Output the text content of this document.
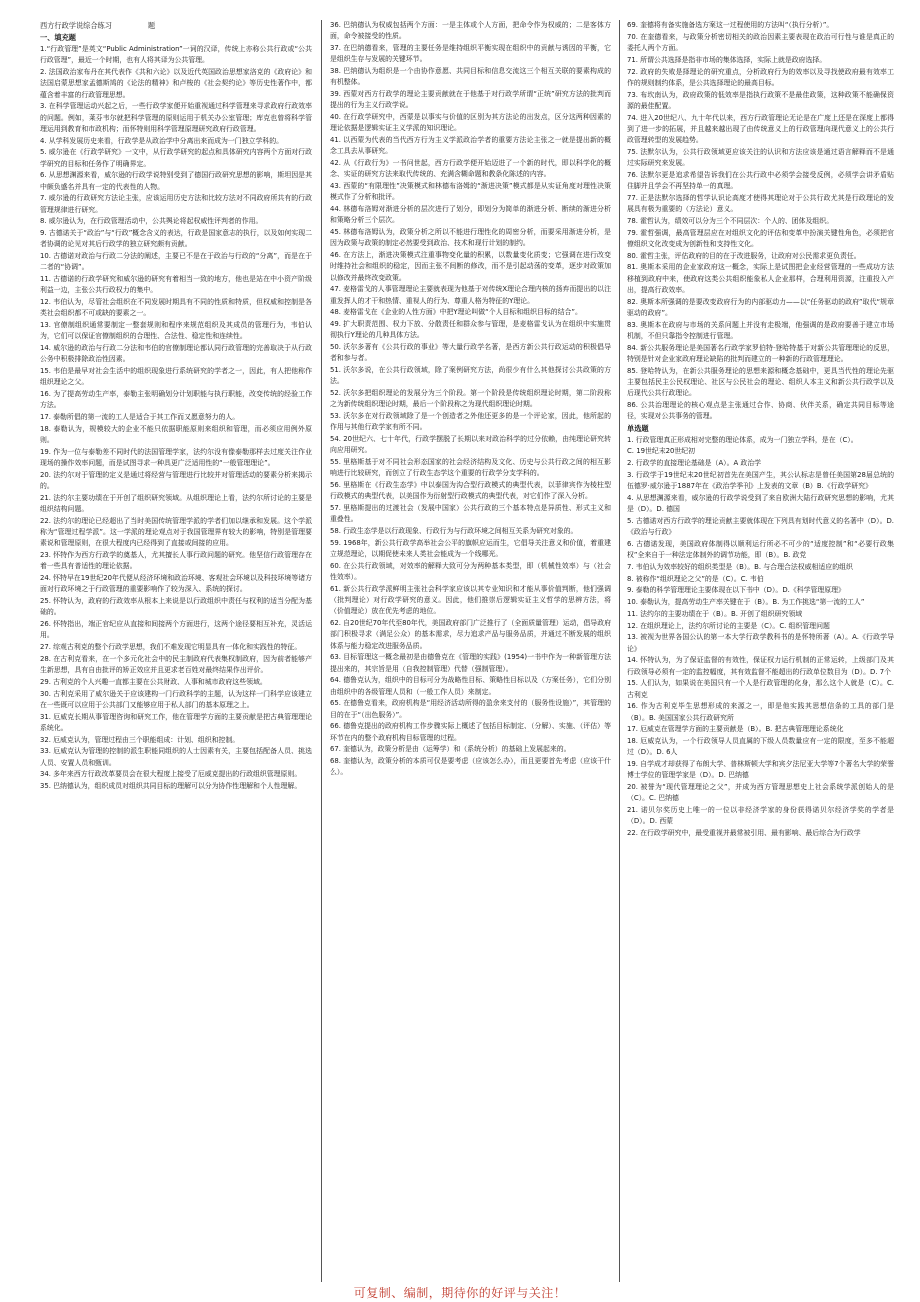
西方行政学说综合练习　　　　　题
一、填充题
1.“行政管理”是英文“Public Administration”一词的汉译，传统上亦称公共行政或“公共行政管理”，最近一个时期，也有人将其译为公共管理。
2. 法国政治家布丹在其代表作《共和六论》以及近代英国政治思想家洛克的《政府论》和法国启蒙思想家孟德斯鸠的《论法的精神》和卢梭的《社会契约论》等历史性著作中，都蕴含着丰富的行政管理思想。
3. 在科学管理运动兴起之后，一些行政学家便开始重视通过科学管理来寻求政府行政效率的问题。例如，莱芬韦尔就把科学管理的原则运用于机关办公室管理；库克也曾将科学管理运用到教育和市政机构；而怀特则用科学管理原理研究政府行政管理。
4. 从学科发展历史来看，行政学是从政治学中分离出来而成为一门独立学科的。
5. 威尔逊在《行政学研究》一文中，从行政学研究的起点和具体研究内容两个方面对行政学研究的目标和任务作了明确界定。
6. 从思想渊源来看，威尔逊的行政学说特别受到了德国行政研究思想的影响，斯坦因是其中颇负盛名并具有一定的代表性的人物。
7. 威尔逊的行政研究方法论主张，应该运用历史方法和比较方法对不同政府所共有的行政管理规律进行研究。
8. 威尔逊认为，在行政管理活动中，公共舆论将起权威性评判者的作用。
9. 古德诺关于“政治”与“行政”概念含义的表达，行政是国家意志的执行，以及如何实现二者协调的论见对其后行政学的独立研究颇有贡献。
10. 古德诺对政治与行政二分法的阐述，主要已不是在于政治与行政的“分离”，而是在于二者的“协调”。
11. 古德诺的行政学研究和威尔逊的研究有着相当一致的地方，他也是站在中小资产阶级利益一边，主张公共行政权力的集中。
12. 韦伯认为，尽管社会组织在不同发展时期具有不同的性质和特质，但权威和控制是各类社会组织都不可或缺的要素之一。
13. 官僚制组织通常要制定一整套规则和程序来规范组织及其成员的管理行为，韦伯认为，它们可以保证官僚制组织的合理性、合法性、稳定性和连续性。
14. 威尔逊的政治与行政二分法和韦伯的官僚制理论都认同行政管理的完善取决于从行政公务中积极排除政治性因素。
15. 韦伯是最早对社会生活中的组织现象进行系统研究的学者之一，因此，有人把他称作组织理论之父。
16. 为了提高劳动生产率，泰勒主张明确划分计划职能与执行职能，改变传统的经验工作方法。
17. 泰勒所倡的第一流的工人是适合于其工作而又愿意努力的人。
18. 泰勒认为，规模较大的企业不能只依据职能原则来组织和管理，而必须应用例外原则。
19. 作为一位与泰勒差不同时代的法国管理学家，法约尔没有像泰勒那样去过度关注作业现场的操作效率问题，而是试图寻求一种具更广泛适用性的“一般管理理论”。
20. 法约尔对于管理的定义是通过将经营与管理进行比较并对管理活动的要素分析来揭示的。
21. 法约尔主要功绩在于开创了组织研究领域。从组织理论上看，法约尔所讨论的主要是组织结构问题。
22. 法约尔的理论已经超出了当时美国传统管理学派的学者们加以继承和发展。这个学派称为“管理过程学派”。这一学派的理论观点对于我国管理界有较大的影响，特别是管理要素说和管理原则，在很大程度内已经得到了直接或间接的应用。
23. 怀特作为西方行政学的奠基人，尤其擅长人事行政问题的研究。他坚信行政管理存在着一些具有普适性的理论依据。
24. 怀特早在19世纪20年代便从经济环境和政治环境、客观社会环境以及科技环境等诸方面对行政环境之于行政管理的重要影响作了较为深入、系统的探讨。
25. 怀特认为，政府的行政效率从根本上来说是以行政组织中责任与权利的适当分配为基础的。
26. 怀特指出，端正官纪应从直接和间接两个方面进行，这两个途径要相互补充，灵活运用。
27. 综观古利克的整个行政学思想，我们不难发现它明显具有一体化和实践性的特征。
28. 在古利克看来，在一个多元化社会中的民主制政府代表集权制政府，因为前者能够产生新思想，具有自由批评的矫正效应并且更求老百姓对最终结果作出评价。
29. 古利克的个人兴趣一直都主要在公共财政、人事和城市政府这些领域。
30. 古利克采用了威尔逊关于应该建构一门行政科学的主题，认为这样一门科学应该建立在一些既可以应用于公共部门又能够应用于私人部门的基本原理之上。
31. 厄威克长期从事管理咨询和研究工作，他在管理学方面的主要贡献是把古典管理理论系统化。
32. 厄威克认为，管理过程由三个职能组成：计划、组织和控制。
33. 厄威克认为管理的控制的派生职能同组织的人士因素有关，主要包括配备人员、挑选人员、安置人员和甄训。
34. 多年来西方行政改革要员会在很大程度上接受了厄威克提出的行政组织管理原则。
35. 巴纳德认为，组织成员对组织共同目标的理解可以分为协作性理解和个人性理解。
36. 巴纳德认为权威包括两个方面：一是主体或个人方面，把命令作为权威的；二是客体方面，命令被接受的性质。
37. 在巴纳德看来，管理的主要任务是维持组织平衡实现在组织中的贡献与诱因的平衡，它是组织生存与发展的关键环节。
38. 巴纳德认为组织是一个由协作意愿、共同目标和信息交流这三个相互关联的要素构成的有机整体。
39. 西蒙对西方行政学的理论主要贡献就在于他基于对行政学所谓“正统”研究方法的批判而提出的行为主义行政学说。
40. 在行政学研究中，西蒙是以事实与价值的区别为其方法论的出发点，区分这两种因素的理论依据是逻辑实证主义学派的知识理论。
41. 以西蒙为代表的当代西方行为主义学派政治学者的重要方法论主张之一就是提出新的概念工具去从事研究。
42. 从《行政行为》一书问世起，西方行政学便开始迈进了一个新的时代，即以科学化的概念、实证的研究方法来取代传统的、充满含糊命题和教条化陈述的内容。
43. 西蒙的“有限理性”决策模式和林德布洛姆的“渐进决策”模式都是从实证角度对理性决策模式作了分析和批评。
44. 林德布洛姆对渐进分析的层次进行了划分，即划分为简单的渐进分析、断续的渐进分析和策略分析三个层次。
45. 林德布洛姆认为，政策分析之所以不能进行理性化的周密分析，而要采用渐进分析，是因为政策与政策的制定必然要受到政治、技术和现行计划的制约。
46. 在方法上，渐进决策模式注重事物变化量的积累，以数量变化质变；它强调在进行改变时维持社会和组织的稳定，因而主张不间断的修改，而不是引起动荡的变革，逐步对政策加以修改并最终改变政策。
47. 麦格雷戈的人事管理理论主要就表现为他基于对传统X理论合理内核的扬弃而提出的以注重发挥人的才干和热情、重视人的行为、尊重人格为特征的Y理论。
48. 麦格雷戈在《企业的人性方面》中把Y理论叫做“个人目标和组织目标的结合”。
49. 扩大职责范围、权力下放、分散责任和群众参与管理，是麦格雷戈认为在组织中实施贯彻执行Y理论的几种具体方法。
50. 沃尔多著有《公共行政的事业》等大量行政学名著，是西方新公共行政运动的积极倡导者和参与者。
51. 沃尔多说，在公共行政领域，除了案例研究方法，尚很少有什么其他探讨公共政策的方法。
52. 沃尔多把组织理论的发展分为三个阶段。第一个阶段是传统组织理论时期，第二阶段称之为新传统组织理论时期，最后一个阶段称之为现代组织理论时期。
53. 沃尔多在对行政领域除了是一个创造者之外他还更多的是一个评论家，因此，他所起的作用与其他行政学家有所不同。
54. 20世纪六、七十年代，行政学摆脱了长期以来对政治科学的过分依赖，由纯理论研究转向应用研究。
55. 里格斯基于对不同社会形态国家的社会经济结构及文化、历史与公共行政之间的相互影响进行比较研究，而创立了行政生态学这个重要的行政学分支学科的。
56. 里格斯在《行政生态学》中以泰国为沟合型行政模式的典型代表，以菲律宾作为棱柱型行政模式的典型代表，以美国作为衍射型行政模式的典型代表，对它们作了深入分析。
57. 里格斯提出的过渡社会（发展中国家）公共行政的三个基本特点是异质性、形式主义和重叠性。
58. 行政生态学是以行政现象、行政行为与行政环境之间相互关系为研究对象的。
59. 1968年，新公共行政学高举社会公平的旗帜应运而生，它倡导关注意义和价值，着重建立规范理论，以期促使未来人类社会能成为一个线哪光。
60. 在公共行政领域，对效率的解释大致可分为两种基本类型，即（机械性效率）与（社会性效率）。
61. 新公共行政学派鲜明主张社会科学家应该以其专业知识和才能从事价值判断，他们强调（批判理论）对行政学研究的意义。因此，他们推崇后逻辑实证主义哲学的思辨方法，将（价值理论）放在优先考虑的地位。
62. 自20世纪70年代至80年代，美国政府部门广泛推行了（全面质量管理）运动，倡导政府部门积极寻求（满足公众）的基本需求，尽力追求产品与服务品质，并通过不断发展的组织体系与能力稳定改进服务品质。
63. 目标管理这一概念最初是由德鲁克在《管理的实践》(1954)一书中作为一种新管理方法提出来的，其宗旨是用（自我控制管理）代替（强制管理）。
64. 德鲁克认为，组织中的目标可分为战略性目标、策略性目标以及（方案任务），它们分别由组织中的各级管理人员和（一般工作人员）来制定。
65. 在德鲁克看来，政府机构是“用经济活动所得的盈余来支付的（服务性设施）”，其管理的目的在于“（出色服务）”。
66. 德鲁克提出的政府机构工作步骤实际上概述了包括目标制定、（分解）、实施、（评估）等环节在内的整个政府机构目标管理的过程。
67. 奎德认为，政策分析是由（运筹学）和（系统分析）的基础上发展起来的。
68. 奎德认为，政策分析的本质可仅是要考虑（应该怎么办），而且更要首先考虑（应该干什么）。
69. 奎德将有备实施备选方案这一过程使用的方法叫“（执行分析）”。
70. 在奎德看来，与政策分析密切相关的政治因素主要表现在政治可行性与谁是真正的委托人两个方面。
71. 所谓公共选择是指非市场的集体选择，实际上就是政府选择。
72. 政府的失败是择理论的研究重点，分析政府行为的效率以及寻找使政府最有效率工作的规则制约体系，是公共选择理论的最高目标。
73. 布坎南认为，政府政策的低效率是指执行政策不是最佳政策，这种政策不能确保资源的最佳配置。
74. 进入20世纪八、九十年代以来，西方行政管理论无论是在广度上还是在深度上都得到了进一步的拓展，并且越来越出现了由传统意义上的行政管理向现代意义上的公共行政管理转型的发展趋势。
75. 法默尔认为，公共行政领域更应该关注的认识和方法应该是通过语言解释而不是通过实际研究来发展。
76. 法默尔更是追求希望告诉我们在公共行政中必须学会接受反例，必须学会讲矛盾贴住脚并且学会不再坚持单一的真理。
77. 正是法默尔选择的哲学认识论高度才使得其理论对于公共行政尤其是行政理论的发展具有极为重要的（方法论）意义。
78. 霍哲认为，绩效可以分为三个不同层次：个人的、团体及组织。
79. 霍哲强调，最高管理层应在对组织文化的评估和变革中扮演关键性角色，必须把官僚组织文化改变成为创新性和支持性文化。
80. 霍哲主张，评估政府的目的在于改进服务，让政府对公民需求更负责任。
81. 奥斯本采用的企业家政府这一概念，实际上是试图把企业经营管理的一些成功方法移植到政府中来，使政府这类公共组织能象私人企业那样，合理利用资源，注重投入产出，提高行政效率。
82. 奥斯本所强调的是要改变政府行为的内部驱动力——以“任务驱动的政府”取代“规章驱动的政府”。
83. 奥斯本在政府与市场的关系问题上并没有走极端，他强调的是政府要善于建立市场机制，不但只靠指令控制进行管理。
84. 新公共服务理论是美国著名行政学家罗伯特·登哈特基于对新公共管理理论的反思，特别是针对企业家政府理论缺陷的批判而建立的一种新的行政管理理论。
85. 登哈特认为，在新公共服务理论的思想来源和概念基础中，更具当代性的理论先驱主要包括民主公民权理论、社区与公民社会的理论、组织人本主义和新公共行政学以及后现代公共行政理论。
86. 公共治理理论的核心观点是主张通过合作、协商、伙伴关系，确定共同目标等途径，实现对公共事务的管理。
单选题
1. 行政管理真正形成相对完整的理论体系，成为一门独立学科，是在（C）。
C. 19世纪末20世纪初
2. 行政学的直接理论基础是（A）。A 政治学
3. 行政学于19世纪末20世纪初首先在美国产生，其公认标志是曾任美国第28届总统的伍德罗·威尔逊于1887年在《政治学季刊》上发表的文章（B）B.《行政学研究》
4. 从思想渊源来看，威尔逊的行政学说受到了来自欧洲大陆行政研究思想的影响，尤其是（D）。D. 德国
5. 古德诺对西方行政学的理论贡献主要就体现在下列具有划时代意义的名著中（D）。D.《政治与行政》
6. 古德诺发现，美国政府体制得以顺利运行所必不可少的“适度控制”和“必要行政集权”全来自于一种法定体制外的调节功能，即（B）。B. 政党
7. 韦伯认为效率较好的组织类型是（B）。B. 与合理合法权威相适应的组织
8. 被称作“组织理论之父”的是（C）。C. 韦伯
9. 泰勒的科学管理理论主要体现在以下书中（D）。D.《科学管理原理》
10. 泰勒认为，提高劳动生产率关键在于（B）。B. 为工作挑选“第一流的工人”
11. 法约尔的主要功绩在于（B）。B. 开创了组织研究领域
12. 在组织理论上，法约尔所讨论的主要是（C）。C. 组织管理问题
13. 被视为世界各国公认的第一本大学行政学教科书的是怀特所著（A）。A.《行政学导论》
14. 怀特认为，为了保证监督的有效性，保证权力运行机制的正常运转，上级部门及其行政领导必须有一定的监控幅度，其有效监督不能超出的行政单位数目为（D）。D. 7个
15. 人们认为，如果说在美国只有一个人是行政管理的化身，那么这个人就是（C）。C. 古利克
16. 作为古利克毕生思想形成的来源之一，即是他实践其思想信条的工具的部门是（B）。B. 美国国家公共行政研究所
17. 厄威克在管理学方面的主要贡献是（B）。B. 把古典管理理论系统化
18. 厄威克认为，一个行政领导人员直属的下级人员数量应有一定的限度，至多不能超过（D）。D. 6人
19. 自学成才却获得了布朗大学、普林斯顿大学和宾夕法尼亚大学等7个著名大学的荣誉博士学位的管理学家是（D）。D. 巴纳德
20. 被誉为“现代管理理论之父”，并成为西方管理思想史上社会系统学派创始人的是（C）。C. 巴纳德
21. 诺贝尔奖历史上唯一的一位以非经济学家的身份获得诺贝尔经济学奖的学者是（D）。D. 西蒙
22. 在行政学研究中，最受重视并最常被引用、最有影响、最后综合为行政学
可复制、编制，期待你的好评与关注！
